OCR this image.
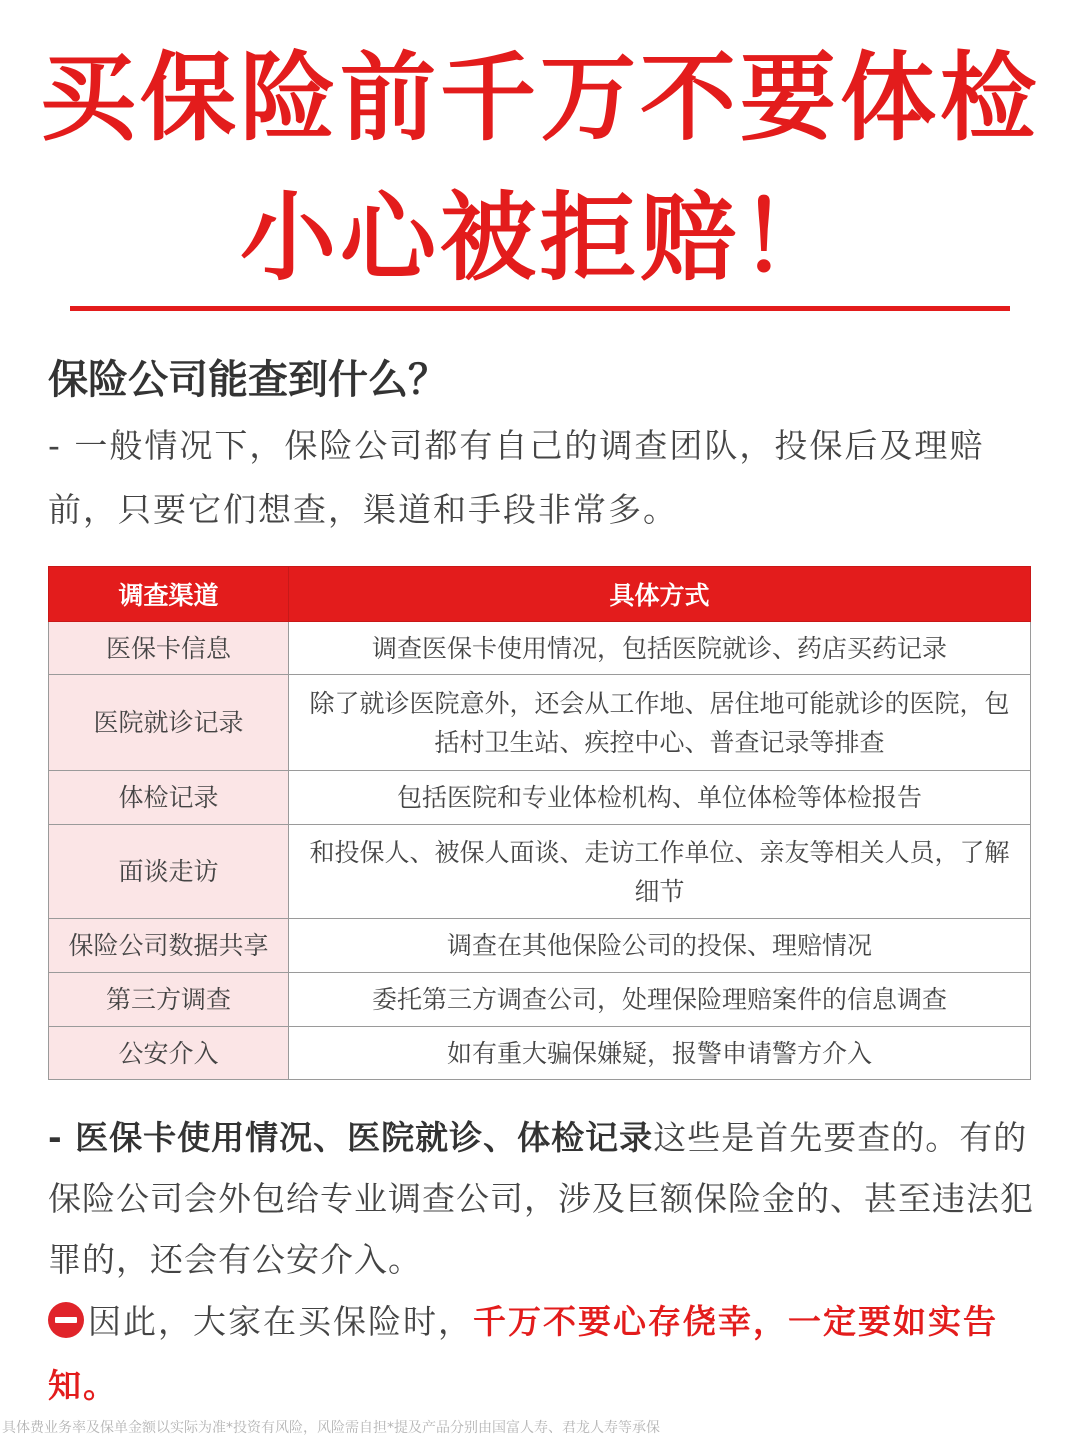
买保险前千万不要体检
小心被拒赔！
保险公司能查到什么？

- 一般情况下，保险公司都有自己的调查团队，投保后及理赔前，只要它们想查，渠道和手段非常多。

调查渠道	具体方式
医保卡信息	调查医保卡使用情况，包括医院就诊、药店买药记录
医院就诊记录	除了就诊医院意外，还会从工作地、居住地可能就诊的医院，包括村卫生站、疾控中心、普查记录等排查
体检记录	包括医院和专业体检机构、单位体检等体检报告
面谈走访	和投保人、被保人面谈、走访工作单位、亲友等相关人员，了解细节
保险公司数据共享	调查在其他保险公司的投保、理赔情况
第三方调查	委托第三方调查公司，处理保险理赔案件的信息调查
公安介入	如有重大骗保嫌疑，报警申请警方介入

- 医保卡使用情况、医院就诊、体检记录这些是首先要查的。有的保险公司会外包给专业调查公司，涉及巨额保险金的、甚至违法犯罪的，还会有公安介入。

因此，大家在买保险时，千万不要心存侥幸，一定要如实告知。

具体费业务率及保单金额以实际为准*投资有风险，风险需自担*提及产品分别由国富人寿、君龙人寿等承保
